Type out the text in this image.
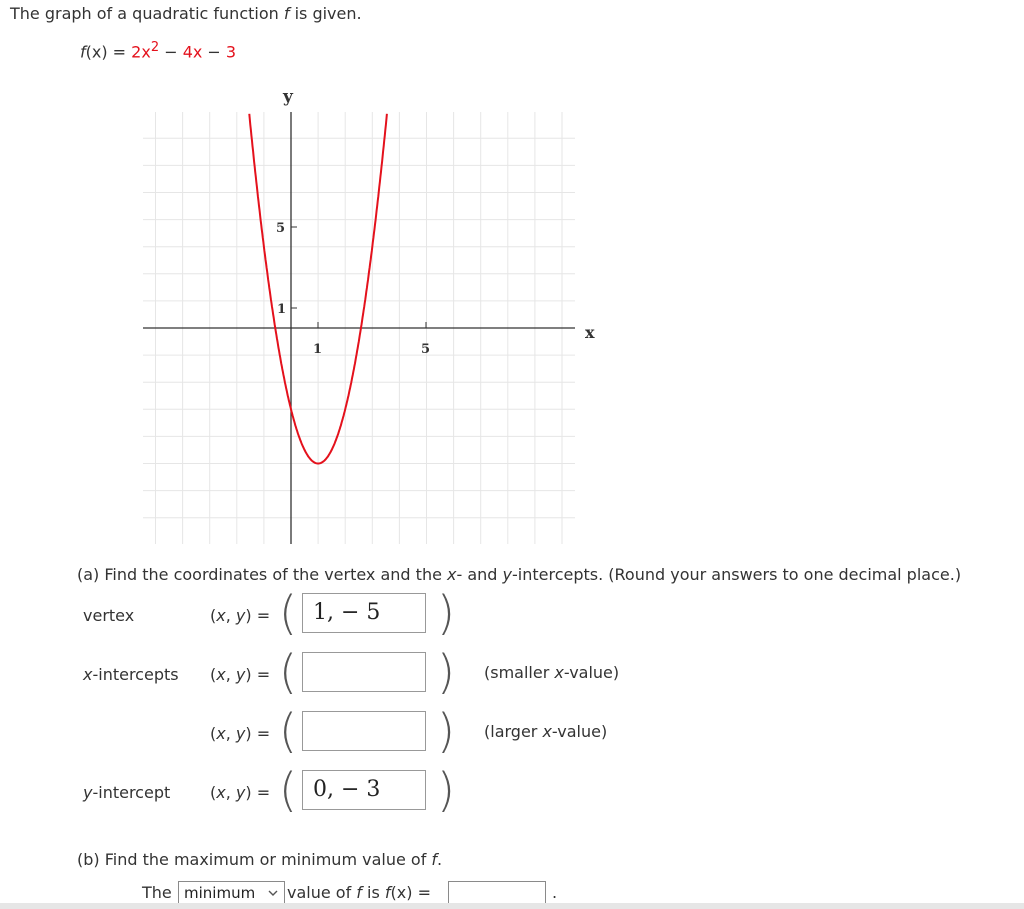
The graph of a quadratic function f is given.
$f(x) = 2x^2 - 4x - 3$
y
x
5
1
1	5
(a) Find the coordinates of the vertex and the x- and y-intercepts. (Round your answers to one decimal place.)
vertex	(x, y) = ( 1, − 5	)
x-intercepts (x, y) = (	) (smaller x-value)
(x, y) = (	) (larger x-value)
y-intercept (x, y) = ( 0, − 3	)
(b) Find the maximum or minimum value of f.
The minimum	value of f is f(x) =	.
